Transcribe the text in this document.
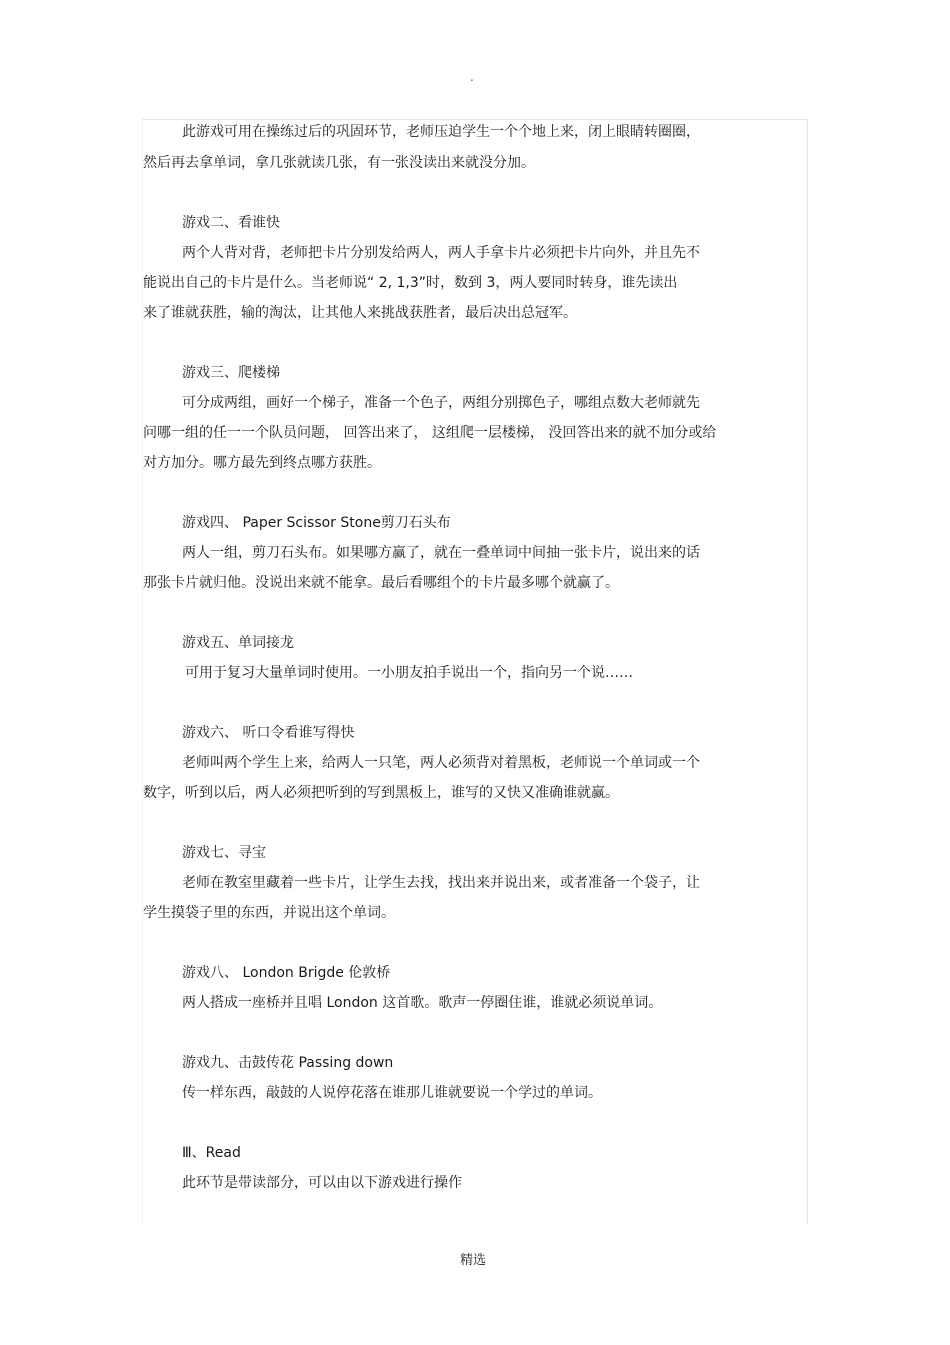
.
此游戏可用在操练过后的巩固环节，老师压迫学生一个个地上来，闭上眼睛转圈圈，
然后再去拿单词，拿几张就读几张，有一张没读出来就没分加。
游戏二、看谁快
两个人背对背，老师把卡片分别发给两人，两人手拿卡片必须把卡片向外，并且先不
能说出自己的卡片是什么。当老师说“ 2, 1,3”时，数到 3，两人要同时转身，谁先读出
来了谁就获胜，输的淘汰，让其他人来挑战获胜者，最后决出总冠军。
游戏三、爬楼梯
可分成两组，画好一个梯子，准备一个色子，两组分别掷色子，哪组点数大老师就先
问哪一组的任一一个队员问题， 回答出来了， 这组爬一层楼梯， 没回答出来的就不加分或给
对方加分。哪方最先到终点哪方获胜。
游戏四、 Paper Scissor Stone剪刀石头布
两人一组，剪刀石头布。如果哪方赢了，就在一叠单词中间抽一张卡片，说出来的话
那张卡片就归他。没说出来就不能拿。最后看哪组个的卡片最多哪个就赢了。
游戏五、单词接龙
可用于复习大量单词时使用。一小朋友拍手说出一个，指向另一个说……
游戏六、 听口令看谁写得快
老师叫两个学生上来，给两人一只笔，两人必须背对着黑板，老师说一个单词或一个
数字，听到以后，两人必须把听到的写到黑板上，谁写的又快又准确谁就赢。
游戏七、寻宝
老师在教室里藏着一些卡片，让学生去找，找出来并说出来，或者准备一个袋子，让
学生摸袋子里的东西，并说出这个单词。
游戏八、 London Brigde 伦敦桥
两人搭成一座桥并且唱 London 这首歌。歌声一停圈住谁，谁就必须说单词。
游戏九、击鼓传花 Passing down
传一样东西，敲鼓的人说停花落在谁那儿谁就要说一个学过的单词。
Ⅲ、Read
此环节是带读部分，可以由以下游戏进行操作
精选
